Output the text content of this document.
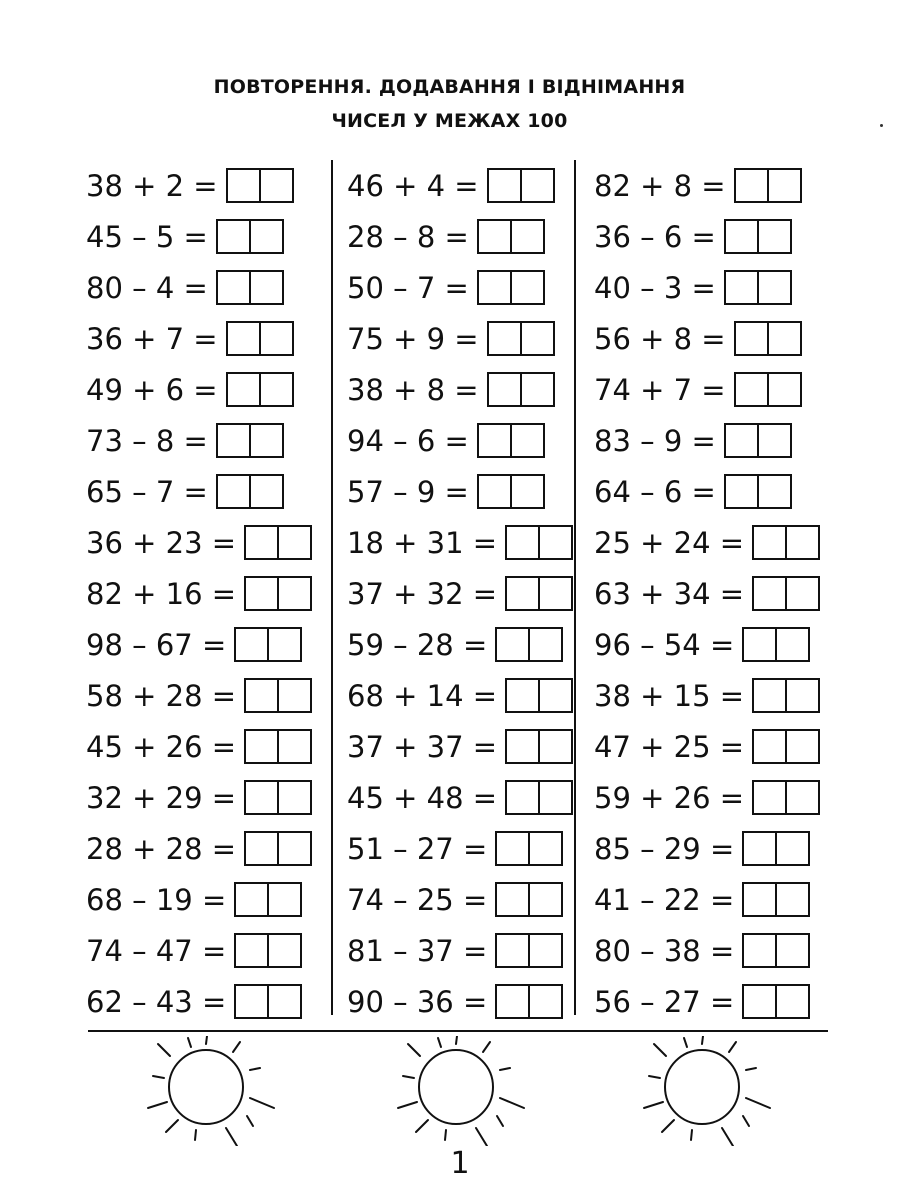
ПОВТОРЕННЯ. ДОДАВАННЯ І ВІДНІМАННЯ
ЧИСЕЛ У МЕЖАХ 100
38 + 2 =
45 – 5 =
80 – 4 =
36 + 7 =
49 + 6 =
73 – 8 =
65 – 7 =
36 + 23 =
82 + 16 =
98 – 67 =
58 + 28 =
45 + 26 =
32 + 29 =
28 + 28 =
68 – 19 =
74 – 47 =
62 – 43 =
46 + 4 =
28 – 8 =
50 – 7 =
75 + 9 =
38 + 8 =
94 – 6 =
57 – 9 =
18 + 31 =
37 + 32 =
59 – 28 =
68 + 14 =
37 + 37 =
45 + 48 =
51 – 27 =
74 – 25 =
81 – 37 =
90 – 36 =
82 + 8 =
36 – 6 =
40 – 3 =
56 + 8 =
74 + 7 =
83 – 9 =
64 – 6 =
25 + 24 =
63 + 34 =
96 – 54 =
38 + 15 =
47 + 25 =
59 + 26 =
85 – 29 =
41 – 22 =
80 – 38 =
56 – 27 =
1
